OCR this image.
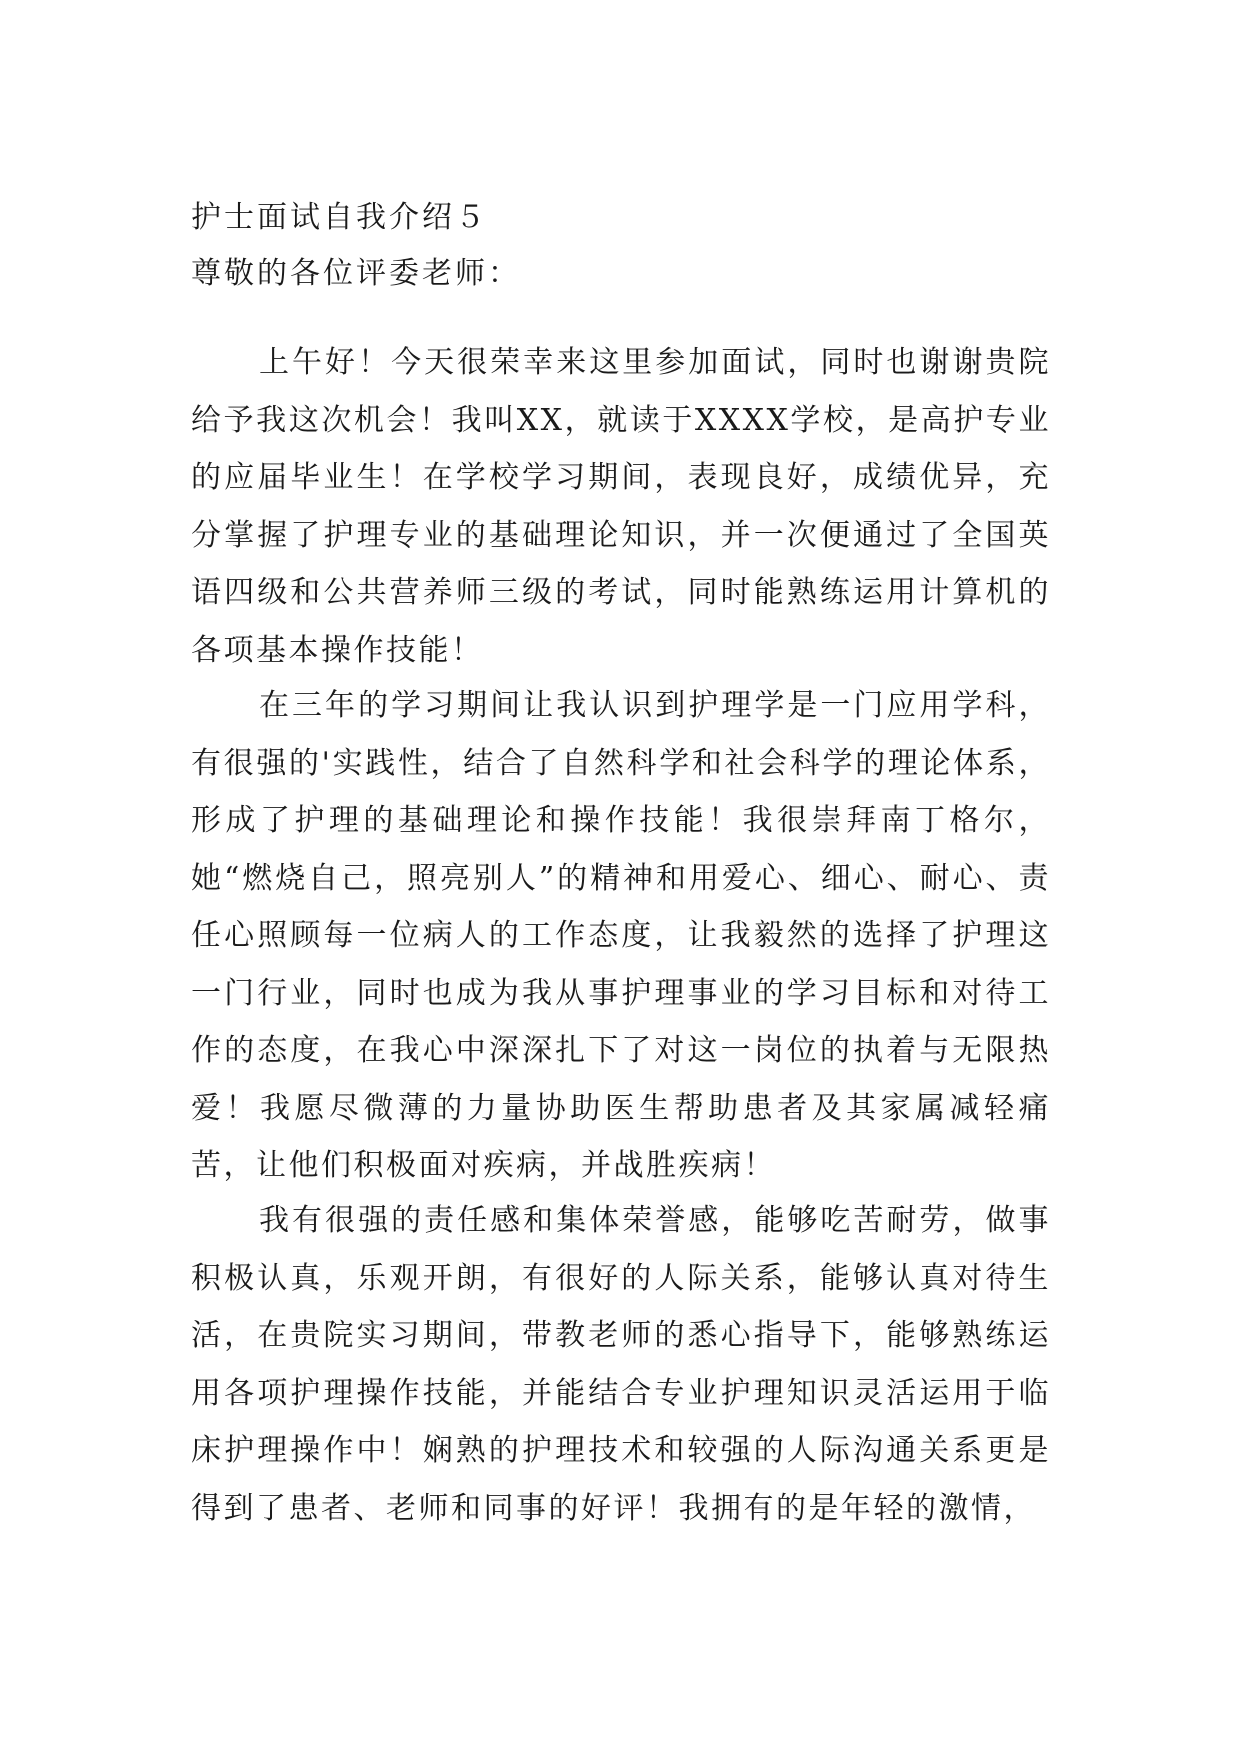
护士面试自我介绍５
尊敬的各位评委老师：

上午好！今天很荣幸来这里参加面试，同时也谢谢贵院给予我这次机会！我叫XX，就读于XXXX学校，是高护专业的应届毕业生！在学校学习期间，表现良好，成绩优异，充分掌握了护理专业的基础理论知识，并一次便通过了全国英语四级和公共营养师三级的考试，同时能熟练运用计算机的各项基本操作技能！

在三年的学习期间让我认识到护理学是一门应用学科，有很强的'实践性，结合了自然科学和社会科学的理论体系，形成了护理的基础理论和操作技能！我很崇拜南丁格尔，她“燃烧自己，照亮别人”的精神和用爱心、细心、耐心、责任心照顾每一位病人的工作态度，让我毅然的选择了护理这一门行业，同时也成为我从事护理事业的学习目标和对待工作的态度，在我心中深深扎下了对这一岗位的执着与无限热爱！我愿尽微薄的力量协助医生帮助患者及其家属减轻痛苦，让他们积极面对疾病，并战胜疾病！

我有很强的责任感和集体荣誉感，能够吃苦耐劳，做事积极认真，乐观开朗，有很好的人际关系，能够认真对待生活，在贵院实习期间，带教老师的悉心指导下，能够熟练运用各项护理操作技能，并能结合专业护理知识灵活运用于临床护理操作中！娴熟的护理技术和较强的人际沟通关系更是得到了患者、老师和同事的好评！我拥有的是年轻的激情，
